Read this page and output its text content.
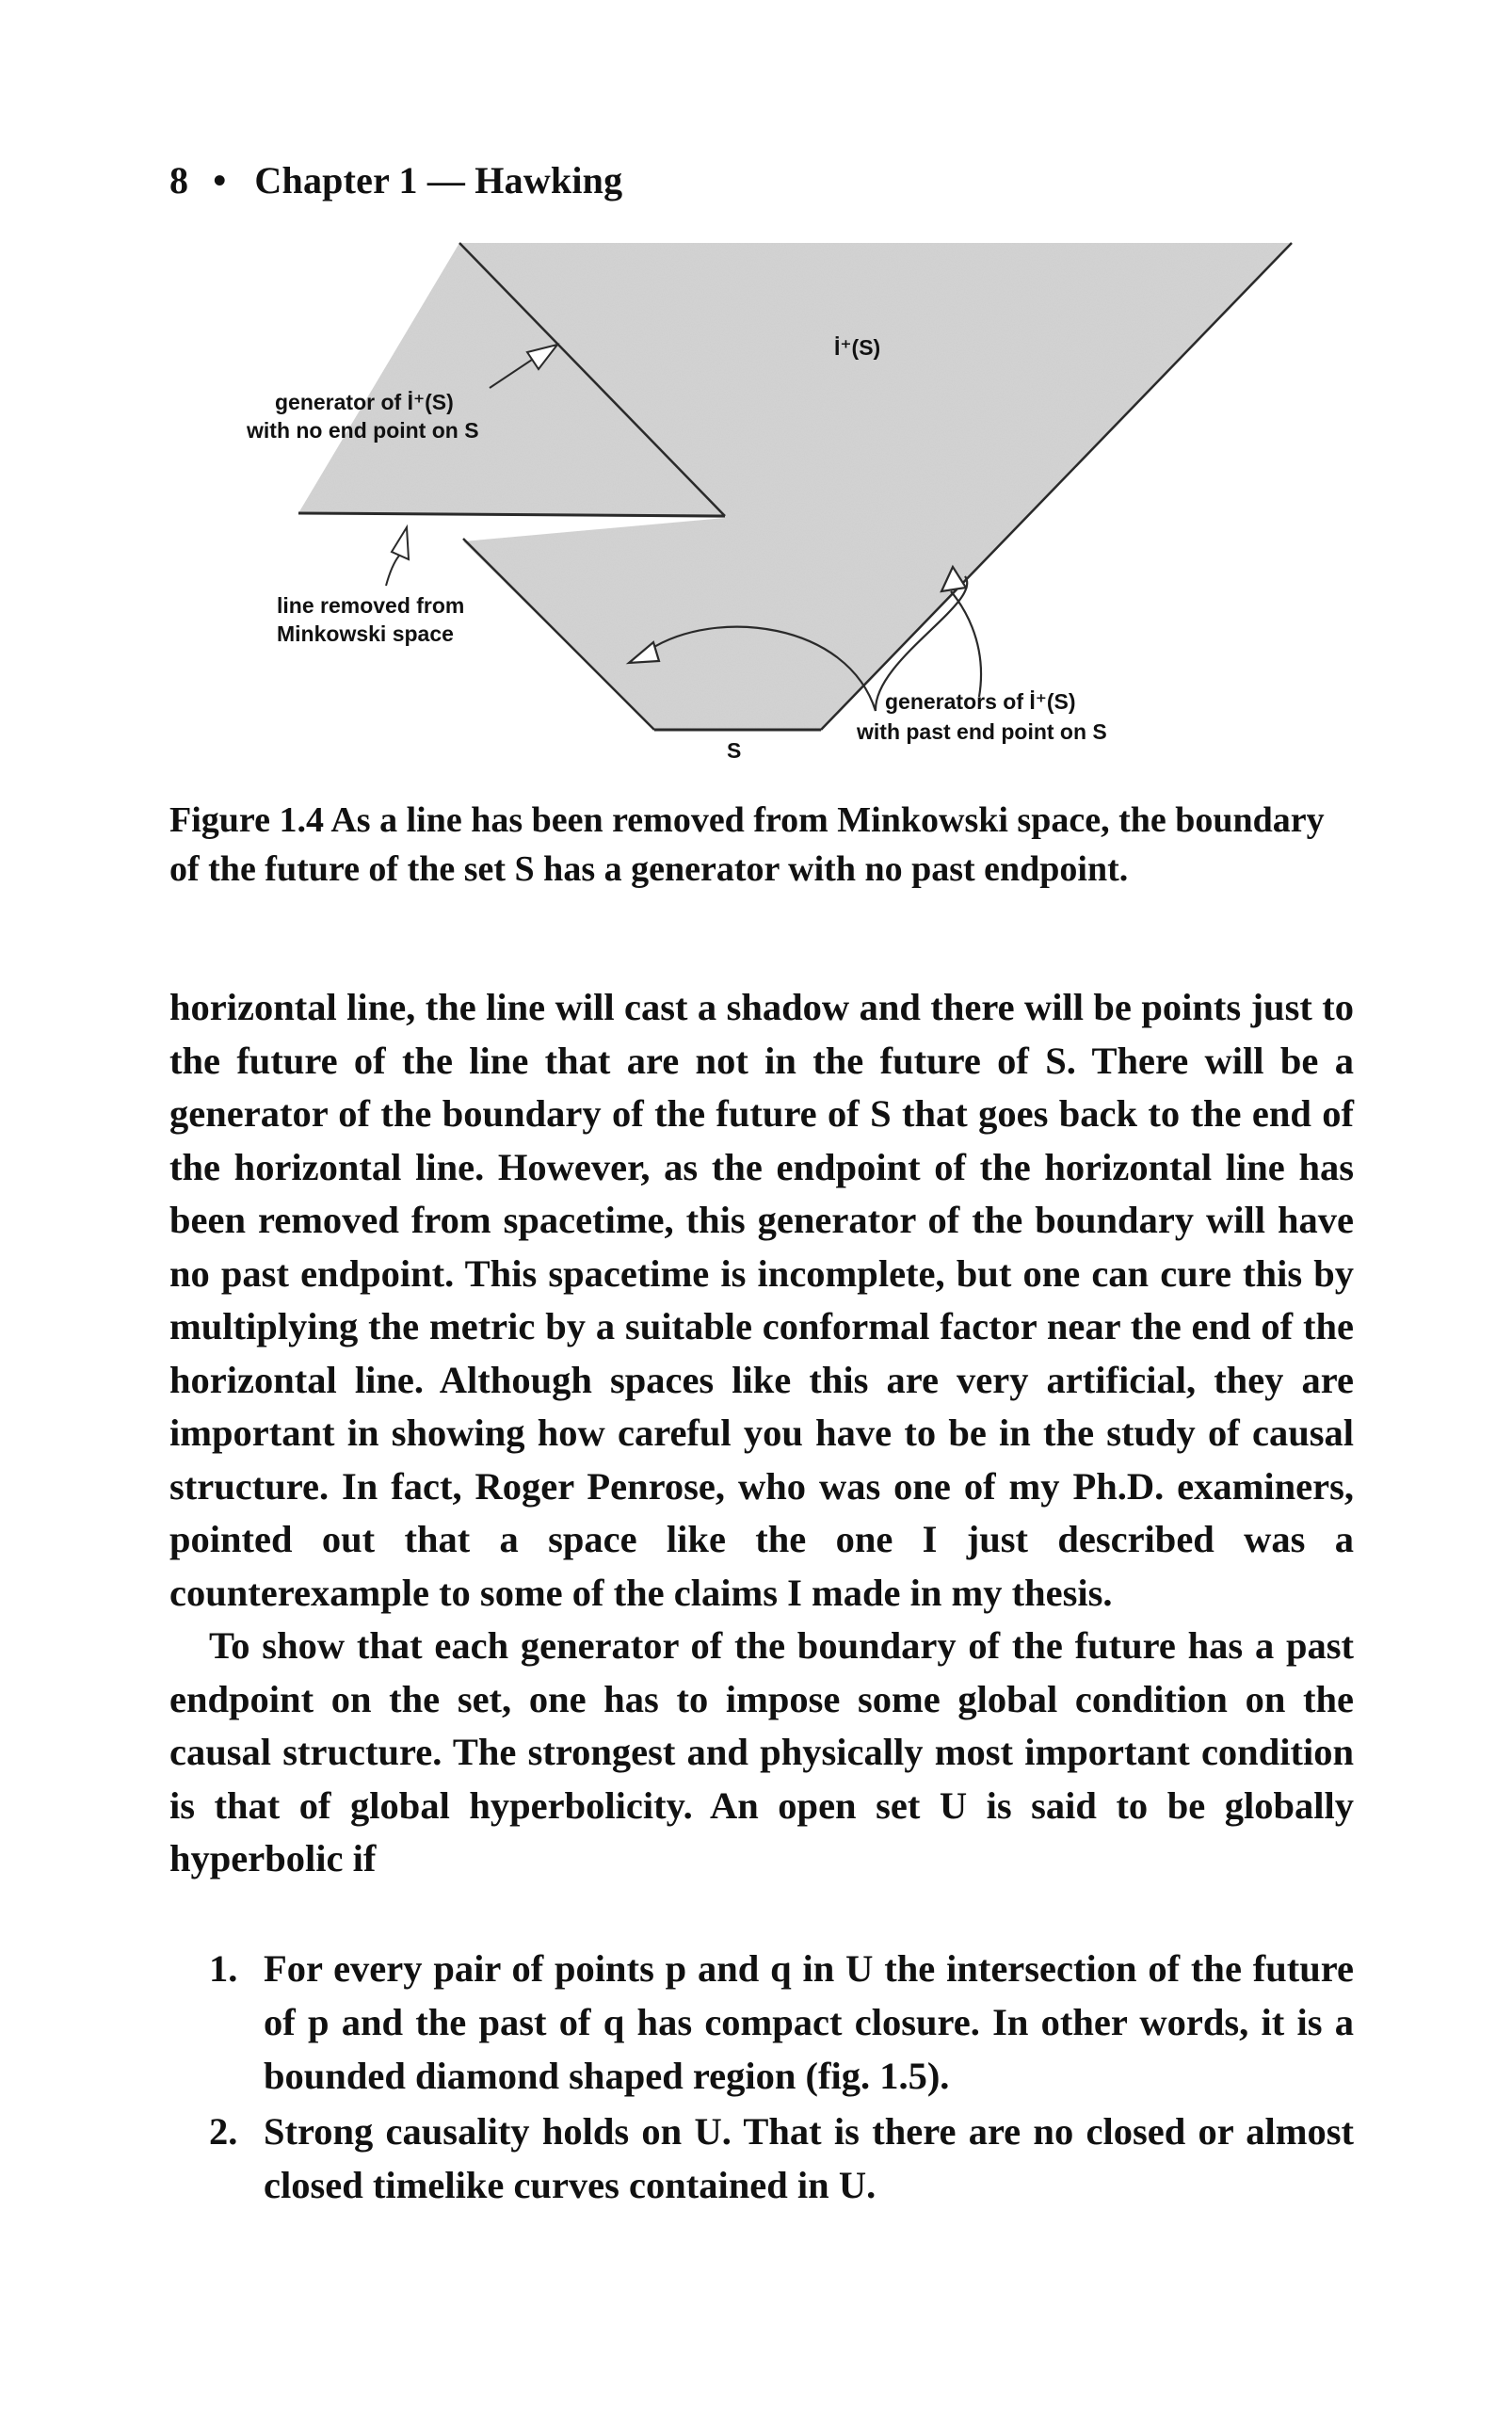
8 • Chapter 1 — Hawking
İ⁺(S)
generator of İ⁺(S)
with no end point on S
line removed from
Minkowski space
generators of İ⁺(S)
with past end point on S
S
Figure 1.4 As a line has been removed from Minkowski space, the boundary of the future of the set S has a generator with no past endpoint.

horizontal line, the line will cast a shadow and there will be points just to the future of the line that are not in the future of S. There will be a generator of the boundary of the future of S that goes back to the end of the horizontal line. However, as the endpoint of the horizontal line has been removed from spacetime, this generator of the boundary will have no past endpoint. This spacetime is incomplete, but one can cure this by multiplying the metric by a suitable conformal factor near the end of the horizontal line. Although spaces like this are very artificial, they are important in showing how careful you have to be in the study of causal structure. In fact, Roger Penrose, who was one of my Ph.D. examiners, pointed out that a space like the one I just described was a counterexample to some of the claims I made in my thesis.

To show that each generator of the boundary of the future has a past endpoint on the set, one has to impose some global condition on the causal structure. The strongest and physically most important condition is that of global hyperbolicity. An open set U is said to be globally hyperbolic if

1. For every pair of points p and q in U the intersection of the future of p and the past of q has compact closure. In other words, it is a bounded diamond shaped region (fig. 1.5).
2. Strong causality holds on U. That is there are no closed or almost closed timelike curves contained in U.
